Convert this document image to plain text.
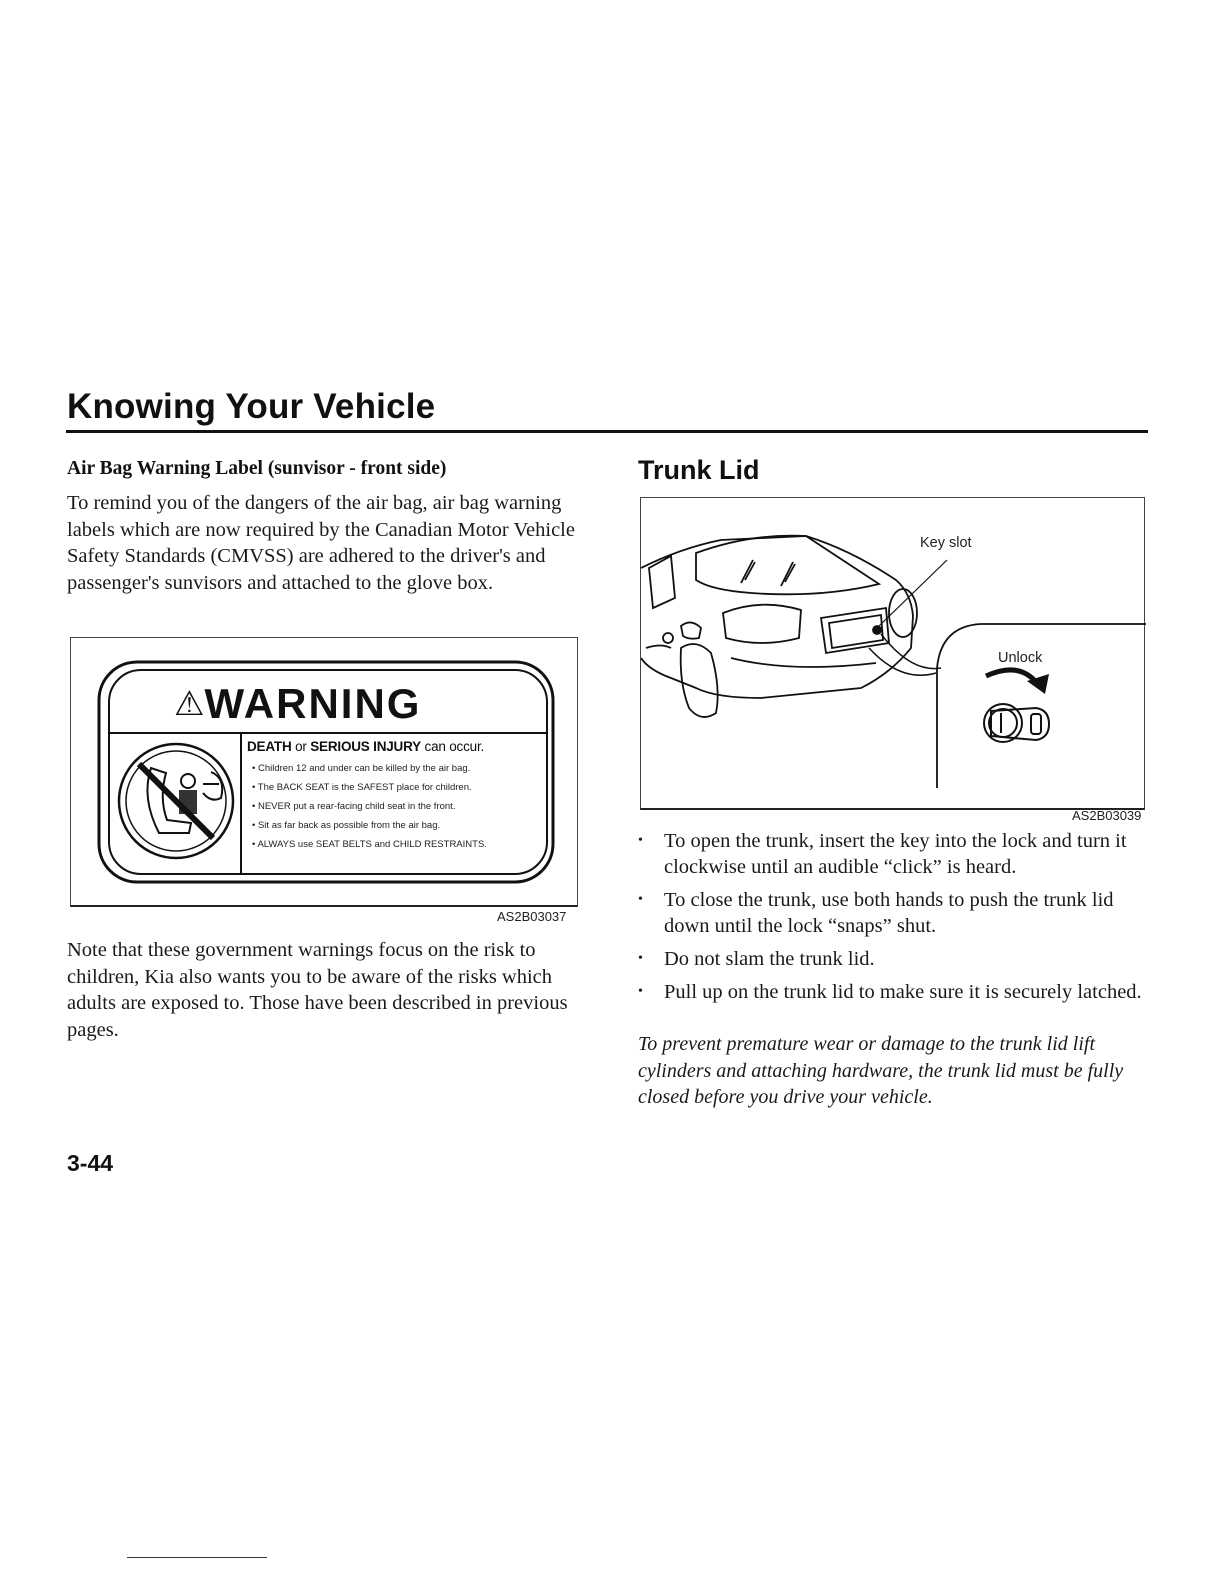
Knowing Your Vehicle
Air Bag Warning Label (sunvisor - front side)

To remind you of the dangers of the air bag, air bag warning labels which are now required by the Canadian Motor Vehicle Safety Standards (CMVSS) are adhered to the driver's and passenger's sunvisors and attached to the glove box.

⚠WARNING

DEATH or SERIOUS INJURY can occur.

• Children 12 and under can be killed by the air bag.
• The BACK SEAT is the SAFEST place for children.
• NEVER put a rear-facing child seat in the front.
• Sit as far back as possible from the air bag.
• ALWAYS use SEAT BELTS and CHILD RESTRAINTS.
AS2B03037

Note that these government warnings focus on the risk to children, Kia also wants you to be aware of the risks which adults are exposed to. Those have been described in previous pages.

Trunk Lid
Key slot
Unlock
AS2B03039
• To open the trunk, insert the key into the lock and turn it clockwise until an audible “click” is heard.
• To close the trunk, use both hands to push the trunk lid down until the lock “snaps” shut.
• Do not slam the trunk lid.
• Pull up on the trunk lid to make sure it is securely latched.

To prevent premature wear or damage to the trunk lid lift cylinders and attaching hardware, the trunk lid must be fully closed before you drive your vehicle.

3-44
